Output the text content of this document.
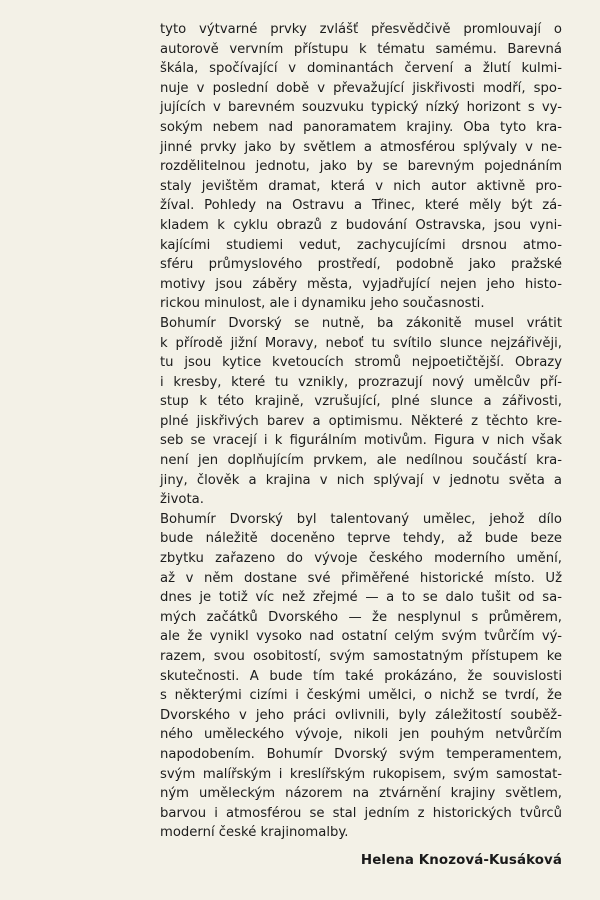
tyto výtvarné prvky zvlášť přesvědčivě promlouvají o
autorově vervním přístupu k tématu samému. Barevná
škála, spočívající v dominantách červení a žlutí kulmi-
nuje v poslední době v převažující jiskřivosti modří, spo-
jujících v barevném souzvuku typický nízký horizont s vy-
sokým nebem nad panoramatem krajiny. Oba tyto kra-
jinné prvky jako by světlem a atmosférou splývaly v ne-
rozdělitelnou jednotu, jako by se barevným pojednáním
staly jevištěm dramat, která v nich autor aktivně pro-
žíval. Pohledy na Ostravu a Třinec, které měly být zá-
kladem k cyklu obrazů z budování Ostravska, jsou vyni-
kajícími studiemi vedut, zachycujícími drsnou atmo-
sféru průmyslového prostředí, podobně jako pražské
motivy jsou záběry města, vyjadřující nejen jeho histo-
rickou minulost, ale i dynamiku jeho současnosti.
Bohumír Dvorský se nutně, ba zákonitě musel vrátit
k přírodě jižní Moravy, neboť tu svítilo slunce nejzářivěji,
tu jsou kytice kvetoucích stromů nejpoetičtější. Obrazy
i kresby, které tu vznikly, prozrazují nový umělcův pří-
stup k této krajině, vzrušující, plné slunce a zářivosti,
plné jiskřivých barev a optimismu. Některé z těchto kre-
seb se vracejí i k figurálním motivům. Figura v nich však
není jen doplňujícím prvkem, ale nedílnou součástí kra-
jiny, člověk a krajina v nich splývají v jednotu světa a
života.
Bohumír Dvorský byl talentovaný umělec, jehož dílo
bude náležitě doceněno teprve tehdy, až bude beze
zbytku zařazeno do vývoje českého moderního umění,
až v něm dostane své přiměřené historické místo. Už
dnes je totiž víc než zřejmé — a to se dalo tušit od sa-
mých začátků Dvorského — že nesplynul s průměrem,
ale že vynikl vysoko nad ostatní celým svým tvůrčím vý-
razem, svou osobitostí, svým samostatným přístupem ke
skutečnosti. A bude tím také prokázáno, že souvislosti
s některými cizími i českými umělci, o nichž se tvrdí, že
Dvorského v jeho práci ovlivnili, byly záležitostí souběž-
ného uměleckého vývoje, nikoli jen pouhým netvůrčím
napodobením. Bohumír Dvorský svým temperamentem,
svým malířským i kreslířským rukopisem, svým samostat-
ným uměleckým názorem na ztvárnění krajiny světlem,
barvou i atmosférou se stal jedním z historických tvůrců
moderní české krajinomalby.
Helena Knozová-Kusáková
